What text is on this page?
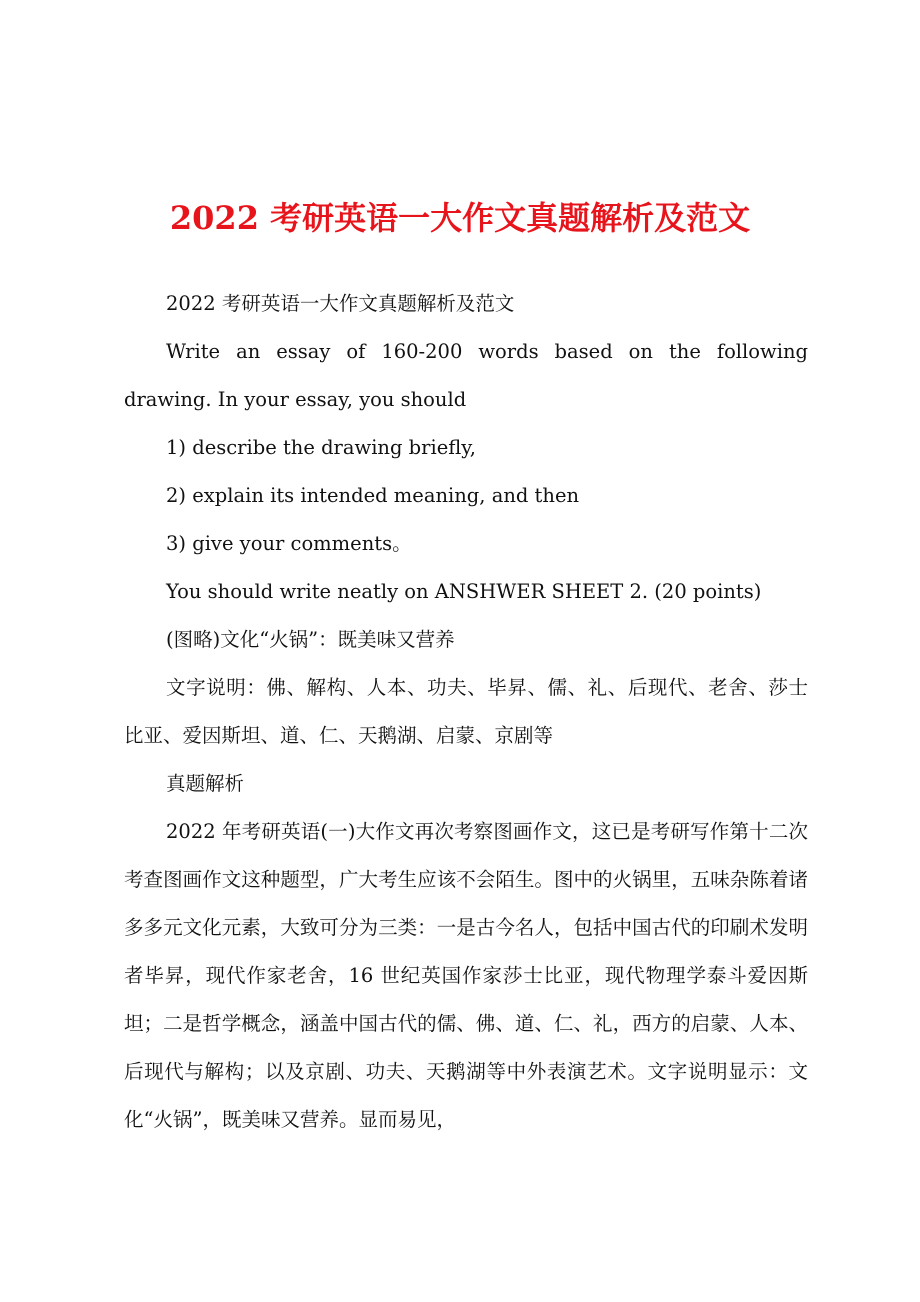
2022 考研英语一大作文真题解析及范文

2022 考研英语一大作文真题解析及范文

Write an essay of 160-200 words based on the following drawing. In your essay, you should

1) describe the drawing briefly,

2) explain its intended meaning, and then

3) give your comments。

You should write neatly on ANSHWER SHEET 2. (20 points)

(图略)文化“火锅”：既美味又营养

文字说明：佛、解构、人本、功夫、毕昇、儒、礼、后现代、老舍、莎士比亚、爱因斯坦、道、仁、天鹅湖、启蒙、京剧等

真题解析

2022 年考研英语(一)大作文再次考察图画作文，这已是考研写作第十二次考查图画作文这种题型，广大考生应该不会陌生。图中的火锅里，五味杂陈着诸多多元文化元素，大致可分为三类：一是古今名人，包括中国古代的印刷术发明者毕昇，现代作家老舍，16 世纪英国作家莎士比亚，现代物理学泰斗爱因斯坦；二是哲学概念，涵盖中国古代的儒、佛、道、仁、礼，西方的启蒙、人本、后现代与解构；以及京剧、功夫、天鹅湖等中外表演艺术。文字说明显示：文化“火锅”，既美味又营养。显而易见，
